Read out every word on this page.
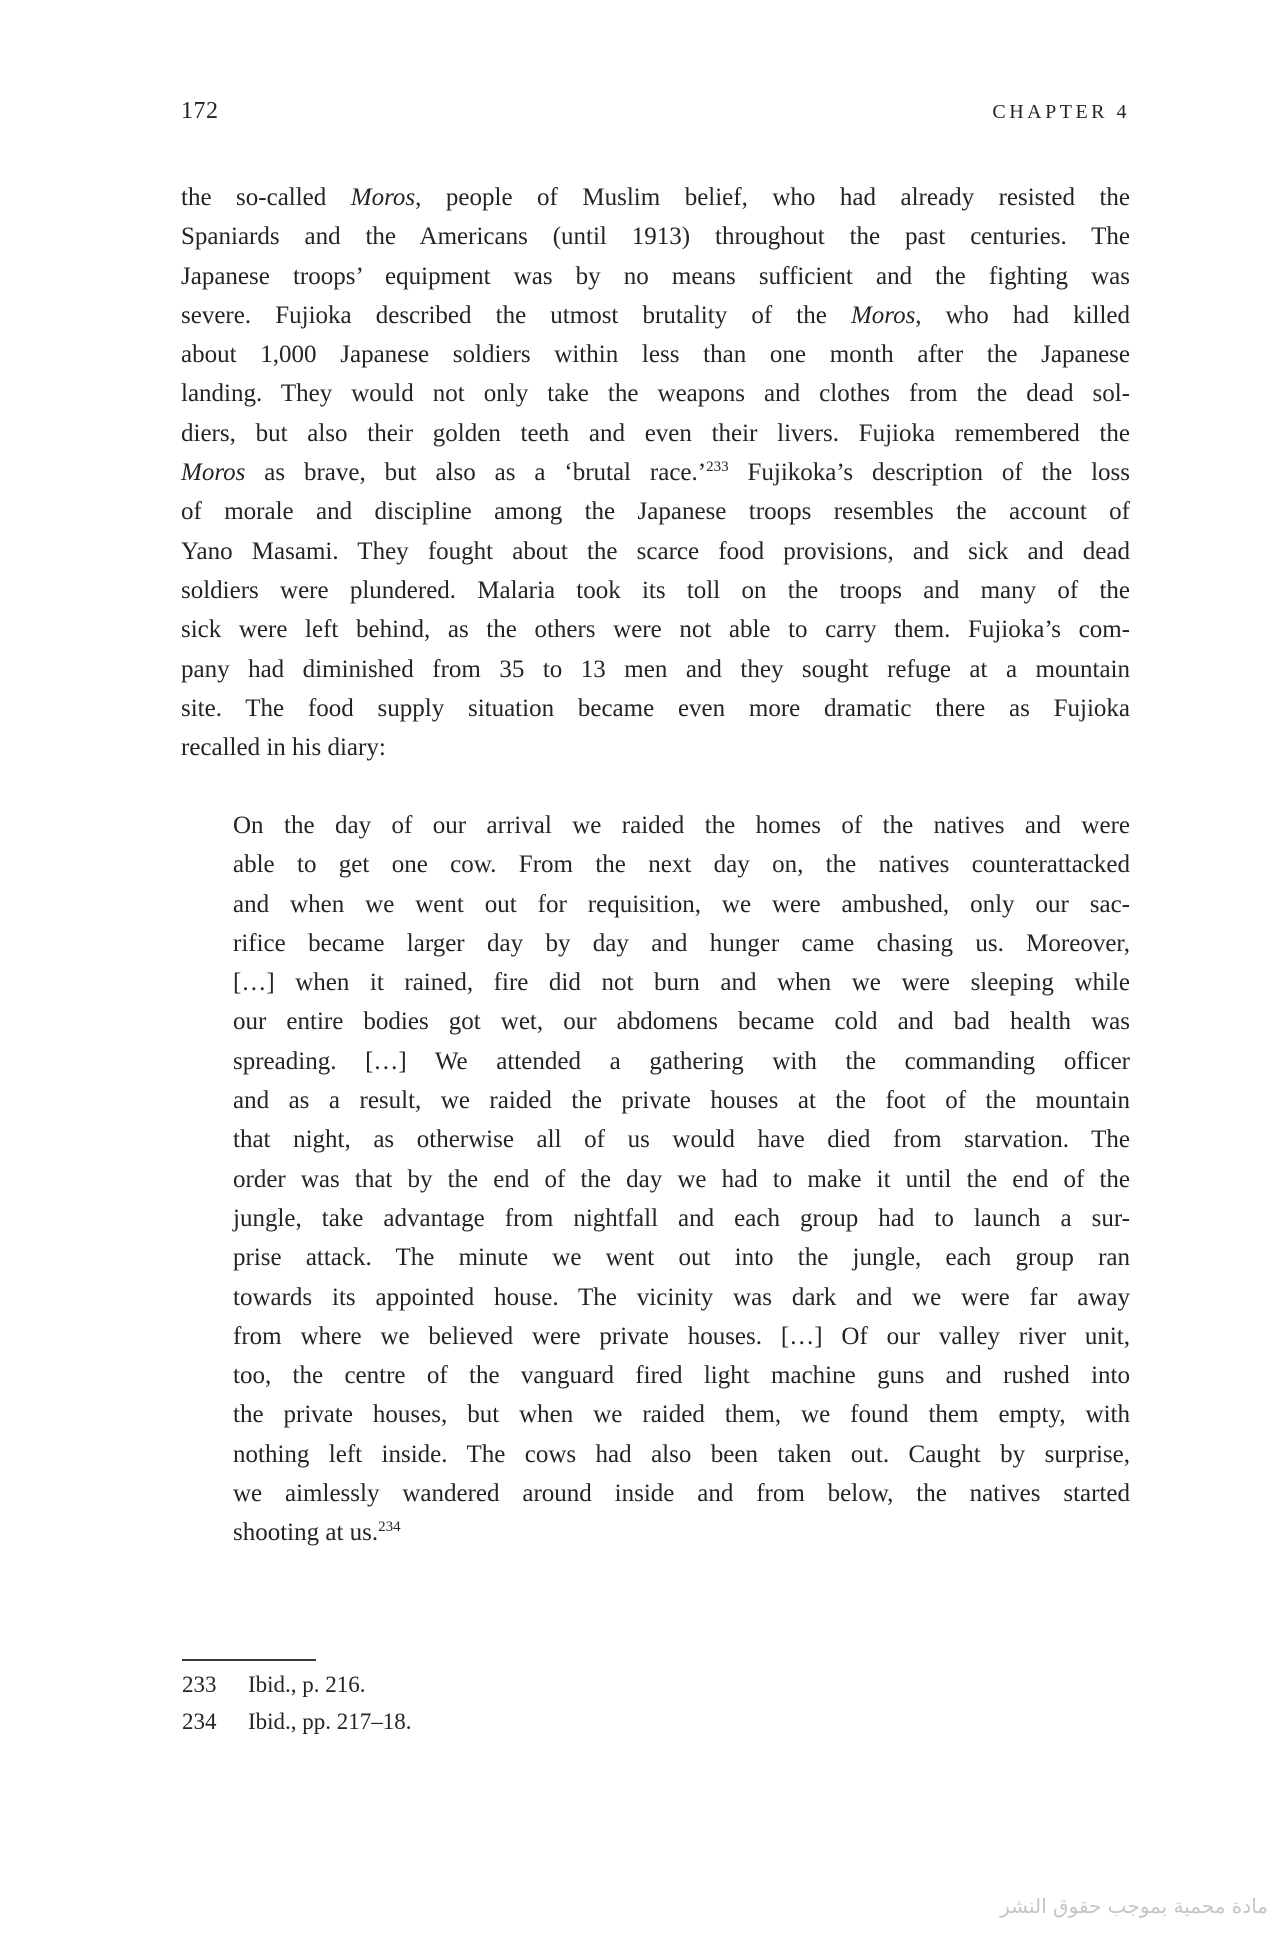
172	CHAPTER 4
the so-called Moros, people of Muslim belief, who had already resisted the
Spaniards and the Americans (until 1913) throughout the past centuries. The
Japanese troops’ equipment was by no means sufficient and the fighting was
severe. Fujioka described the utmost brutality of the Moros, who had killed
about 1,000 Japanese soldiers within less than one month after the Japanese
landing. They would not only take the weapons and clothes from the dead sol-
diers, but also their golden teeth and even their livers. Fujioka remembered the
Moros as brave, but also as a ‘brutal race.’$^{233}$ Fujikoka’s description of the loss
of morale and discipline among the Japanese troops resembles the account of
Yano Masami. They fought about the scarce food provisions, and sick and dead
soldiers were plundered. Malaria took its toll on the troops and many of the
sick were left behind, as the others were not able to carry them. Fujioka’s com-
pany had diminished from 35 to 13 men and they sought refuge at a mountain
site. The food supply situation became even more dramatic there as Fujioka
recalled in his diary:
On the day of our arrival we raided the homes of the natives and were
able to get one cow. From the next day on, the natives counterattacked
and when we went out for requisition, we were ambushed, only our sac-
rifice became larger day by day and hunger came chasing us. Moreover,
[…] when it rained, fire did not burn and when we were sleeping while
our entire bodies got wet, our abdomens became cold and bad health was
spreading. […] We attended a gathering with the commanding officer
and as a result, we raided the private houses at the foot of the mountain
that night, as otherwise all of us would have died from starvation. The
order was that by the end of the day we had to make it until the end of the
jungle, take advantage from nightfall and each group had to launch a sur-
prise attack. The minute we went out into the jungle, each group ran
towards its appointed house. The vicinity was dark and we were far away
from where we believed were private houses. […] Of our valley river unit,
too, the centre of the vanguard fired light machine guns and rushed into
the private houses, but when we raided them, we found them empty, with
nothing left inside. The cows had also been taken out. Caught by surprise,
we aimlessly wandered around inside and from below, the natives started
shooting at us.$^{234}$
233	Ibid., p. 216.
234	Ibid., pp. 217–18.
مادة محمية بموجب حقوق النشر
